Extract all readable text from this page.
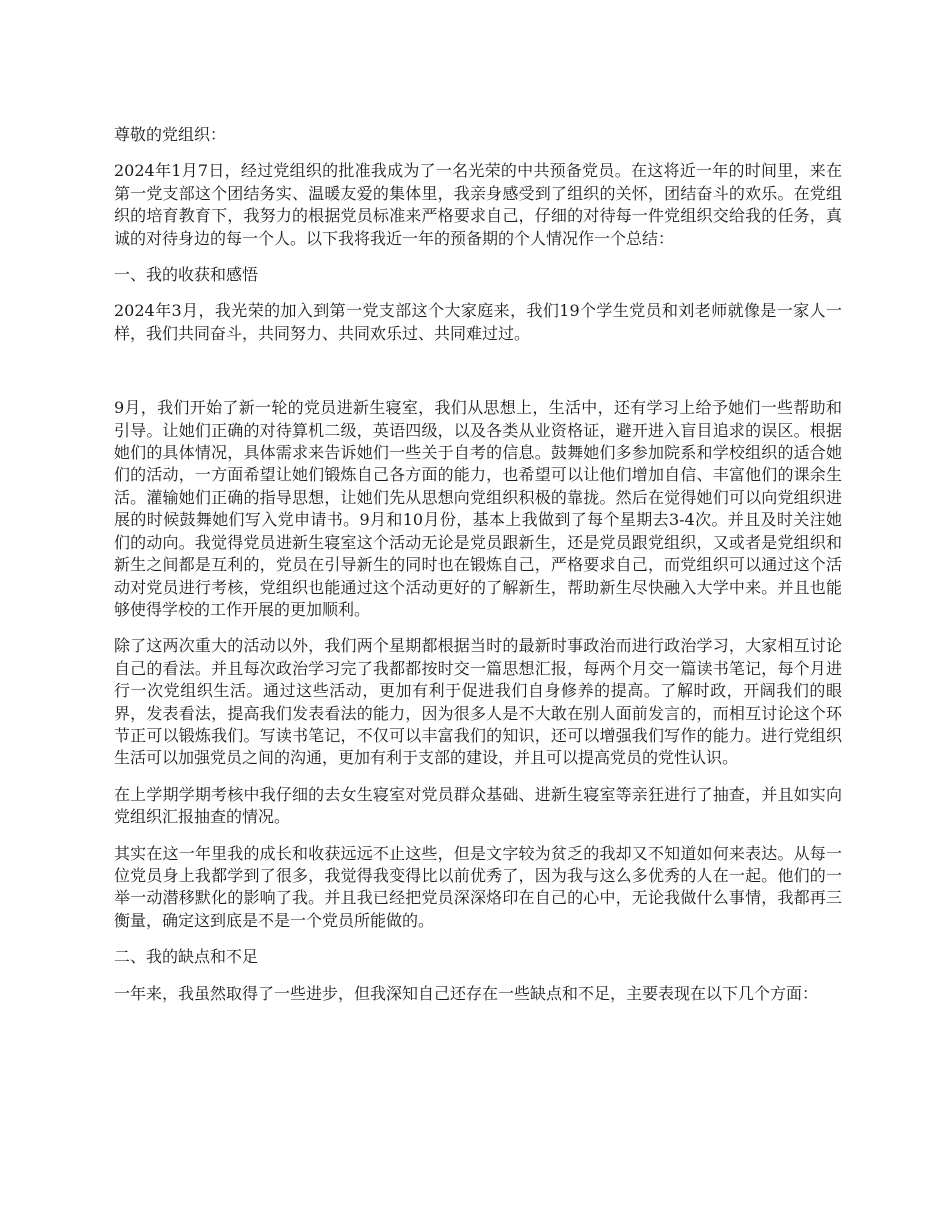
尊敬的党组织：

2024年1月7日，经过党组织的批准我成为了一名光荣的中共预备党员。在这将近一年的时间里，来在第一党支部这个团结务实、温暖友爱的集体里，我亲身感受到了组织的关怀，团结奋斗的欢乐。在党组织的培育教育下，我努力的根据党员标准来严格要求自己，仔细的对待每一件党组织交给我的任务，真诚的对待身边的每一个人。以下我将我近一年的预备期的个人情况作一个总结：

一、我的收获和感悟

2024年3月，我光荣的加入到第一党支部这个大家庭来，我们19个学生党员和刘老师就像是一家人一样，我们共同奋斗，共同努力、共同欢乐过、共同难过过。

9月，我们开始了新一轮的党员进新生寝室，我们从思想上，生活中，还有学习上给予她们一些帮助和引导。让她们正确的对待算机二级，英语四级，以及各类从业资格证，避开进入盲目追求的误区。根据她们的具体情况，具体需求来告诉她们一些关于自考的信息。鼓舞她们多参加院系和学校组织的适合她们的活动，一方面希望让她们锻炼自己各方面的能力，也希望可以让他们增加自信、丰富他们的课余生活。灌输她们正确的指导思想，让她们先从思想向党组织积极的靠拢。然后在觉得她们可以向党组织进展的时候鼓舞她们写入党申请书。9月和10月份，基本上我做到了每个星期去3-4次。并且及时关注她们的动向。我觉得党员进新生寝室这个活动无论是党员跟新生，还是党员跟党组织，又或者是党组织和新生之间都是互利的，党员在引导新生的同时也在锻炼自己，严格要求自己，而党组织可以通过这个活动对党员进行考核，党组织也能通过这个活动更好的了解新生，帮助新生尽快融入大学中来。并且也能够使得学校的工作开展的更加顺利。

除了这两次重大的活动以外，我们两个星期都根据当时的最新时事政治而进行政治学习，大家相互讨论自己的看法。并且每次政治学习完了我都都按时交一篇思想汇报，每两个月交一篇读书笔记，每个月进行一次党组织生活。通过这些活动，更加有利于促进我们自身修养的提高。了解时政，开阔我们的眼界，发表看法，提高我们发表看法的能力，因为很多人是不大敢在别人面前发言的，而相互讨论这个环节正可以锻炼我们。写读书笔记，不仅可以丰富我们的知识，还可以增强我们写作的能力。进行党组织生活可以加强党员之间的沟通，更加有利于支部的建设，并且可以提高党员的党性认识。

在上学期学期考核中我仔细的去女生寝室对党员群众基础、进新生寝室等亲狂进行了抽查，并且如实向党组织汇报抽查的情况。

其实在这一年里我的成长和收获远远不止这些，但是文字较为贫乏的我却又不知道如何来表达。从每一位党员身上我都学到了很多，我觉得我变得比以前优秀了，因为我与这么多优秀的人在一起。他们的一举一动潜移默化的影响了我。并且我已经把党员深深烙印在自己的心中，无论我做什么事情，我都再三衡量，确定这到底是不是一个党员所能做的。

二、我的缺点和不足

一年来，我虽然取得了一些进步，但我深知自己还存在一些缺点和不足，主要表现在以下几个方面：
